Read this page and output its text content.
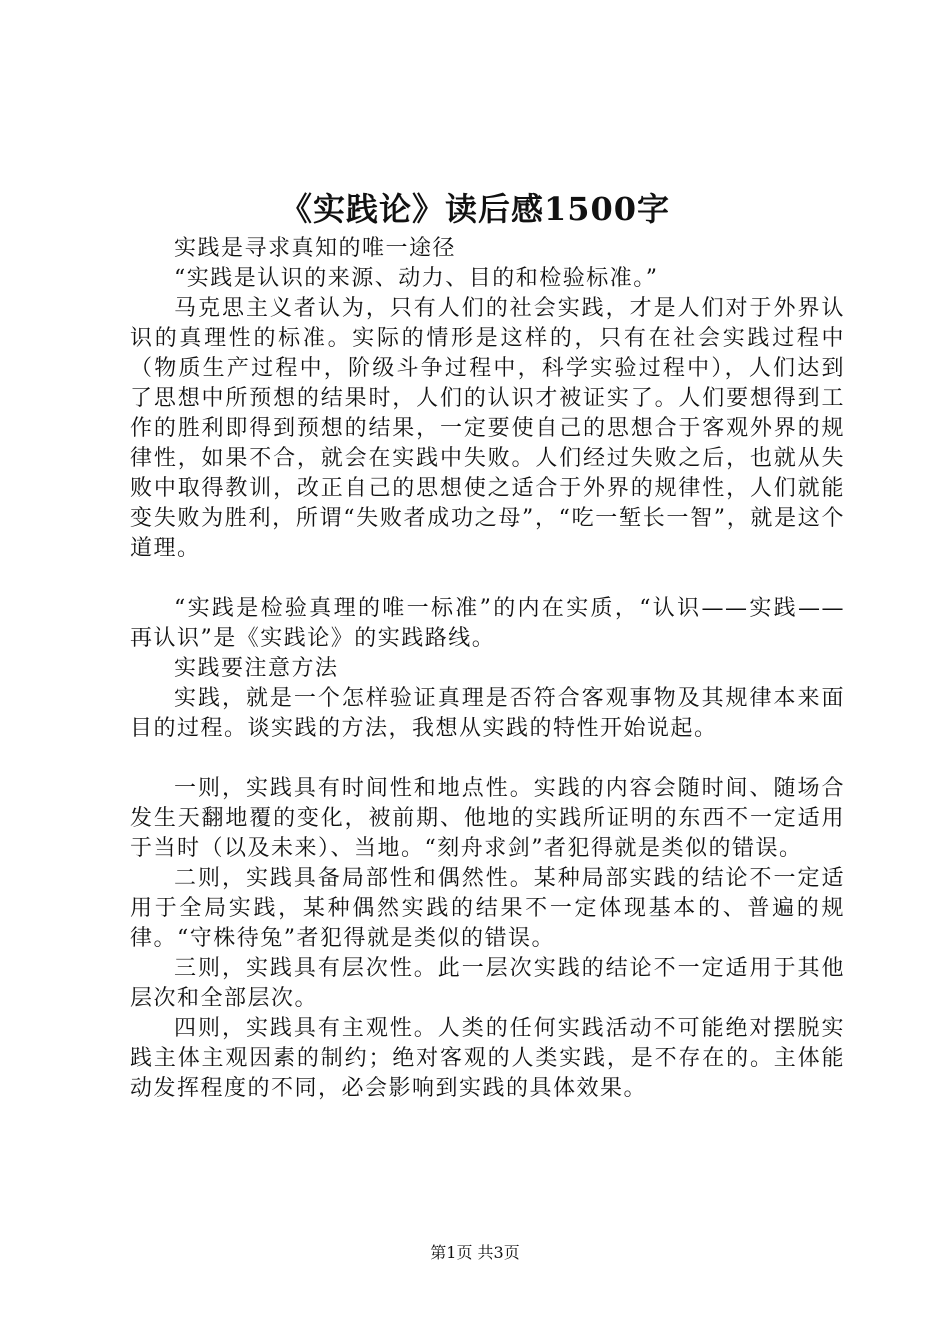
《实践论》读后感1500字

实践是寻求真知的唯一途径

“实践是认识的来源、动力、目的和检验标准。”

马克思主义者认为，只有人们的社会实践，才是人们对于外界认识的真理性的标准。实际的情形是这样的，只有在社会实践过程中（物质生产过程中，阶级斗争过程中，科学实验过程中），人们达到了思想中所预想的结果时，人们的认识才被证实了。人们要想得到工作的胜利即得到预想的结果，一定要使自己的思想合于客观外界的规律性，如果不合，就会在实践中失败。人们经过失败之后，也就从失败中取得教训，改正自己的思想使之适合于外界的规律性，人们就能变失败为胜利，所谓“失败者成功之母”，“吃一堑长一智”，就是这个道理。

“实践是检验真理的唯一标准”的内在实质，“认识——实践——再认识”是《实践论》的实践路线。

实践要注意方法

实践，就是一个怎样验证真理是否符合客观事物及其规律本来面目的过程。谈实践的方法，我想从实践的特性开始说起。

一则，实践具有时间性和地点性。实践的内容会随时间、随场合发生天翻地覆的变化，被前期、他地的实践所证明的东西不一定适用于当时（以及未来）、当地。“刻舟求剑”者犯得就是类似的错误。

二则，实践具备局部性和偶然性。某种局部实践的结论不一定适用于全局实践，某种偶然实践的结果不一定体现基本的、普遍的规律。“守株待兔”者犯得就是类似的错误。

三则，实践具有层次性。此一层次实践的结论不一定适用于其他层次和全部层次。

四则，实践具有主观性。人类的任何实践活动不可能绝对摆脱实践主体主观因素的制约；绝对客观的人类实践，是不存在的。主体能动发挥程度的不同，必会影响到实践的具体效果。

第1页 共3页
